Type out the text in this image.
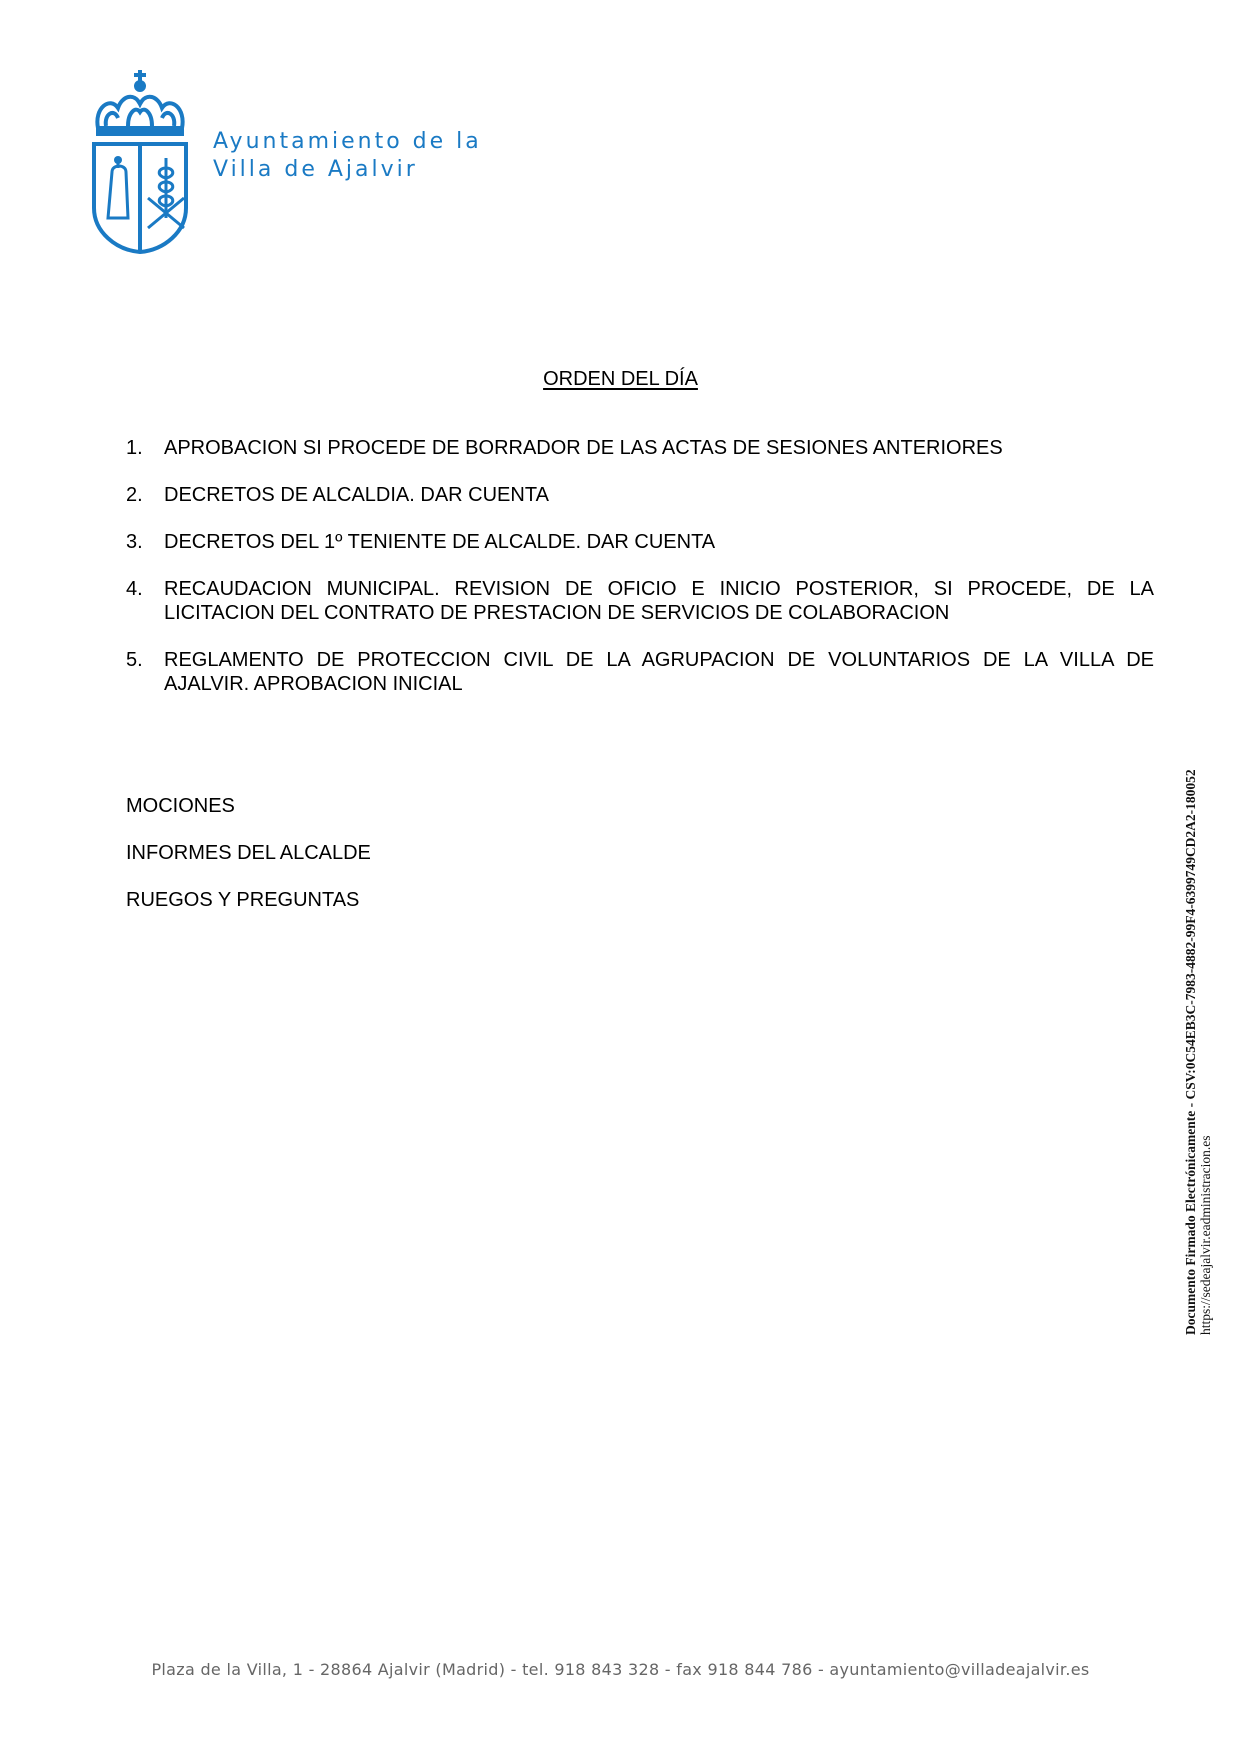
Ayuntamiento de la
Villa de Ajalvir
ORDEN DEL DÍA
1. APROBACION SI PROCEDE DE BORRADOR DE LAS ACTAS DE SESIONES ANTERIORES
2. DECRETOS DE ALCALDIA. DAR CUENTA
3. DECRETOS DEL 1º TENIENTE DE ALCALDE. DAR CUENTA
4. RECAUDACION MUNICIPAL. REVISION DE OFICIO E INICIO POSTERIOR, SI PROCEDE, DE LA LICITACION DEL CONTRATO DE PRESTACION DE SERVICIOS DE COLABORACION
5. REGLAMENTO DE PROTECCION CIVIL DE LA AGRUPACION DE VOLUNTARIOS DE LA VILLA DE AJALVIR. APROBACION INICIAL
MOCIONES
INFORMES DEL ALCALDE
RUEGOS Y PREGUNTAS	Documento Firmado Electrónicamente - CSV:0C54EB3C-7983-4882-99F4-6399749CD2A2-180052 https://sedeajalvir.eadministracion.es
Plaza de la Villa, 1 - 28864 Ajalvir (Madrid) - tel. 918 843 328 - fax 918 844 786 - ayuntamiento@villadeajalvir.es
